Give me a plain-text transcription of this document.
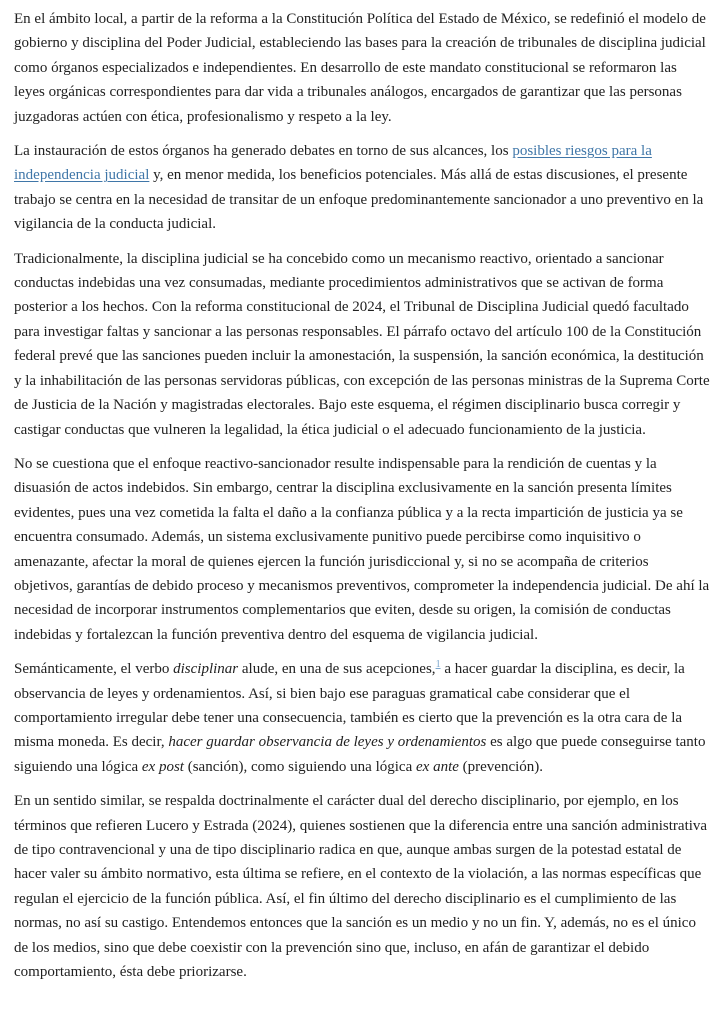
En el ámbito local, a partir de la reforma a la Constitución Política del Estado de México, se redefinió el modelo de gobierno y disciplina del Poder Judicial, estableciendo las bases para la creación de tribunales de disciplina judicial como órganos especializados e independientes. En desarrollo de este mandato constitucional se reformaron las leyes orgánicas correspondientes para dar vida a tribunales análogos, encargados de garantizar que las personas juzgadoras actúen con ética, profesionalismo y respeto a la ley.

La instauración de estos órganos ha generado debates en torno de sus alcances, los posibles riesgos para la independencia judicial y, en menor medida, los beneficios potenciales. Más allá de estas discusiones, el presente trabajo se centra en la necesidad de transitar de un enfoque predominantemente sancionador a uno preventivo en la vigilancia de la conducta judicial.

Tradicionalmente, la disciplina judicial se ha concebido como un mecanismo reactivo, orientado a sancionar conductas indebidas una vez consumadas, mediante procedimientos administrativos que se activan de forma posterior a los hechos. Con la reforma constitucional de 2024, el Tribunal de Disciplina Judicial quedó facultado para investigar faltas y sancionar a las personas responsables. El párrafo octavo del artículo 100 de la Constitución federal prevé que las sanciones pueden incluir la amonestación, la suspensión, la sanción económica, la destitución y la inhabilitación de las personas servidoras públicas, con excepción de las personas ministras de la Suprema Corte de Justicia de la Nación y magistradas electorales. Bajo este esquema, el régimen disciplinario busca corregir y castigar conductas que vulneren la legalidad, la ética judicial o el adecuado funcionamiento de la justicia.

No se cuestiona que el enfoque reactivo-sancionador resulte indispensable para la rendición de cuentas y la disuasión de actos indebidos. Sin embargo, centrar la disciplina exclusivamente en la sanción presenta límites evidentes, pues una vez cometida la falta el daño a la confianza pública y a la recta impartición de justicia ya se encuentra consumado. Además, un sistema exclusivamente punitivo puede percibirse como inquisitivo o amenazante, afectar la moral de quienes ejercen la función jurisdiccional y, si no se acompaña de criterios objetivos, garantías de debido proceso y mecanismos preventivos, comprometer la independencia judicial. De ahí la necesidad de incorporar instrumentos complementarios que eviten, desde su origen, la comisión de conductas indebidas y fortalezcan la función preventiva dentro del esquema de vigilancia judicial.

Semánticamente, el verbo disciplinar alude, en una de sus acepciones,$^1$ a hacer guardar la disciplina, es decir, la observancia de leyes y ordenamientos. Así, si bien bajo ese paraguas gramatical cabe considerar que el comportamiento irregular debe tener una consecuencia, también es cierto que la prevención es la otra cara de la misma moneda. Es decir, hacer guardar observancia de leyes y ordenamientos es algo que puede conseguirse tanto siguiendo una lógica ex post (sanción), como siguiendo una lógica ex ante (prevención).

En un sentido similar, se respalda doctrinalmente el carácter dual del derecho disciplinario, por ejemplo, en los términos que refieren Lucero y Estrada (2024), quienes sostienen que la diferencia entre una sanción administrativa de tipo contravencional y una de tipo disciplinario radica en que, aunque ambas surgen de la potestad estatal de hacer valer su ámbito normativo, esta última se refiere, en el contexto de la violación, a las normas específicas que regulan el ejercicio de la función pública. Así, el fin último del derecho disciplinario es el cumplimiento de las normas, no así su castigo. Entendemos entonces que la sanción es un medio y no un fin. Y, además, no es el único de los medios, sino que debe coexistir con la prevención sino que, incluso, en afán de garantizar el debido comportamiento, ésta debe priorizarse.
